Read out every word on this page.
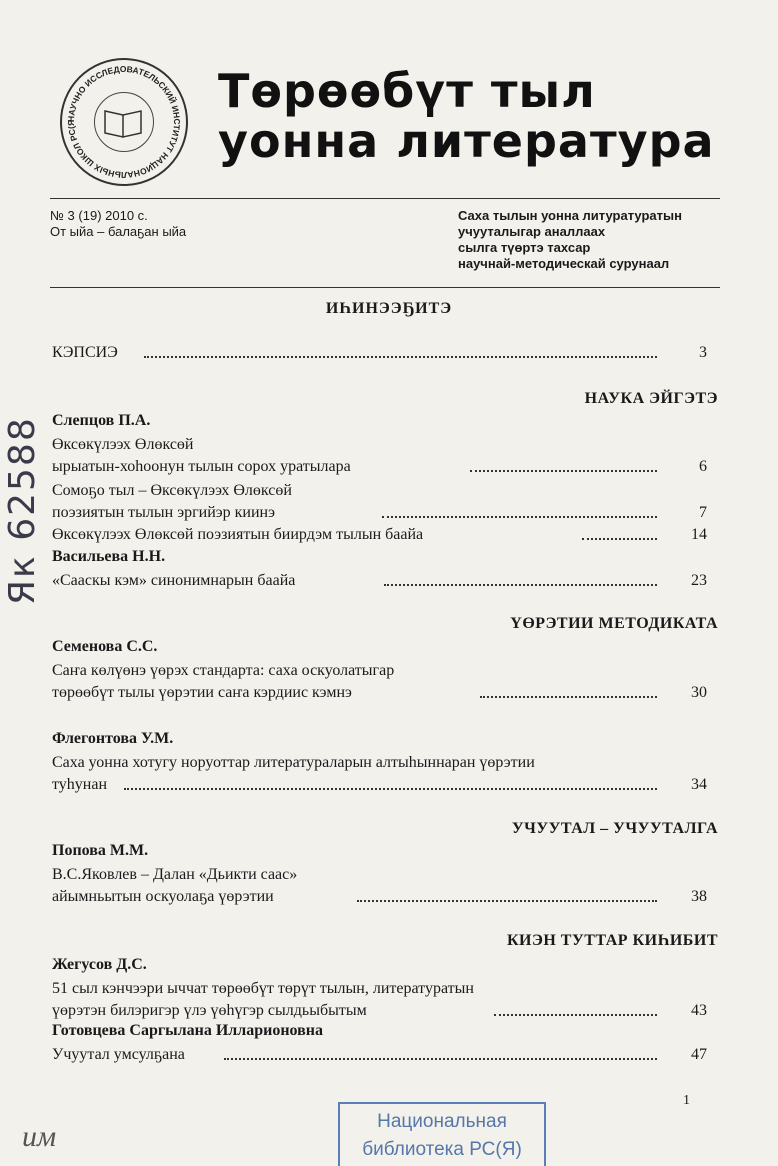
НАУЧНО ИССЛЕДОВАТЕЛЬСКИЙ ИНСТИТУТ НАЦИОНАЛЬНЫХ ШКОЛ РС(Я
Төрөөбүт тыл
уонна литература
№ 3 (19) 2010 с.
От ыйа – балаҕан ыйа
Саха тылын уонна литуратуратын
учууталыгар аналлаах
сылга түөртэ тахсар
научнай-методическай сурунаал
ИҺИНЭЭҔИТЭ
КЭПСИЭ	3
НАУКА ЭЙГЭТЭ
Слепцов П.А.
Өксөкүлээх Өлөксөй
ырыатын-хоһоонун тылын сорох уратылара	6
Сомоҕо тыл – Өксөкүлээх Өлөксөй
поэзиятын тылын эргийэр киинэ	7
Өксөкүлээх Өлөксөй поэзиятын биирдэм тылын баайа	14
Васильева Н.Н.
«Сааскы кэм» синонимнарын баайа	23
ҮӨРЭТИИ МЕТОДИКАТА
Семенова С.С.
Саҥа көлүөнэ үөрэх стандарта: саха оскуолатыгар
төрөөбүт тылы үөрэтии саҥа кэрдиис кэмнэ	30
Флегонтова У.М.
Саха уонна хотугу норуоттар литератураларын алтыһыннаран үөрэтии
туһунан	34
УЧУУТАЛ – УЧУУТАЛГА
Попова М.М.
В.С.Яковлев – Далан «Дьикти саас»
айымньытын оскуолаҕа үөрэтии	38
КИЭН ТУТТАР КИҺИБИТ
Жегусов Д.С.
51 сыл кэнчээри ыччат төрөөбүт төрүт тылын, литературатын
үөрэтэн билэригэр үлэ үөһүгэр сылдьыбытым	43
Готовцева Саргылана Илларионовна
Учуутал умсулҕана	47
1
Национальная
библиотека РС(Я)
Як 62588
им
